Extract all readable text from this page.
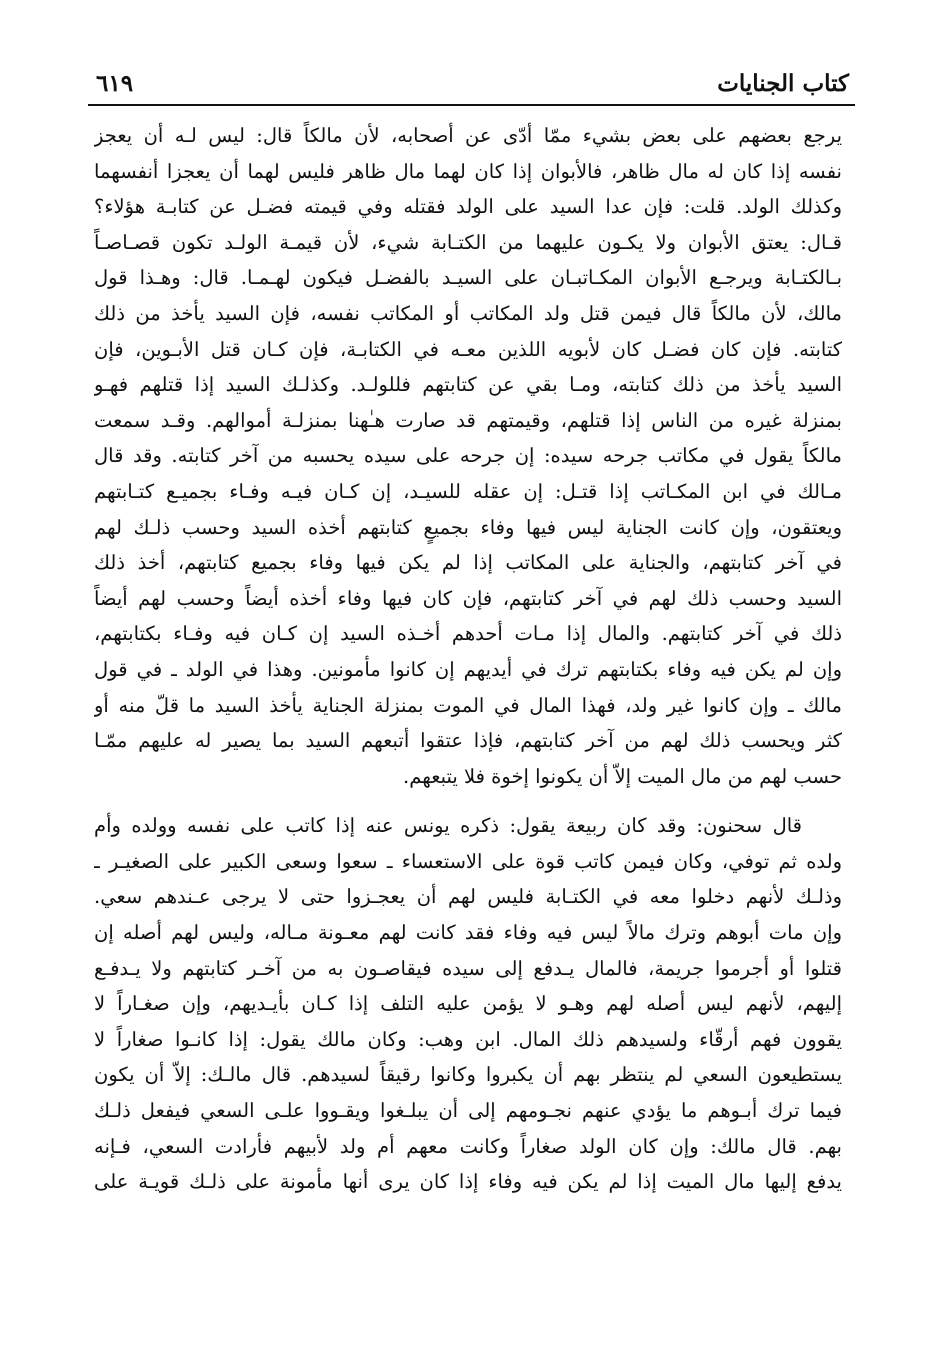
كتاب الجنايات
٦١٩
يرجع بعضهم على بعض بشيء ممّا أدّى عن أصحابه، لأن مالكاً قال: ليس لـه أن يعجز
نفسه إذا كان له مال ظاهر، فالأبوان إذا كان لهما مال ظاهر فليس لهما أن يعجزا أنفسهما
وكذلك الولد. قلت: فإن عدا السيد على الولد فقتله وفي قيمته فضـل عن كتابـة هؤلاء؟
قـال: يعتق الأبوان ولا يكـون عليهما من الكتـابة شيء، لأن قيمـة الولـد تكون قصـاصـاً
بـالكتـابة ويرجـع الأبوان المكـاتبـان على السيـد بالفضـل فيكون لهـمـا. قال: وهـذا قول
مالك، لأن مالكاً قال فيمن قتل ولد المكاتب أو المكاتب نفسه، فإن السيد يأخذ من ذلك
كتابته. فإن كان فضـل كان لأبويه اللذين معـه في الكتابـة، فإن كـان قتل الأبـوين، فإن
السيد يأخذ من ذلك كتابته، ومـا بقي عن كتابتهم فللولـد. وكذلـك السيد إذا قتلهم فهـو
بمنزلة غيره من الناس إذا قتلهم، وقيمتهم قد صارت هـٰهنا بمنزلـة أموالهم. وقـد سمعت
مالكاً يقول في مكاتب جرحه سيده: إن جرحه على سيده يحسبه من آخر كتابته. وقد قال
مـالك في ابن المكـاتب إذا قتـل: إن عقله للسيـد، إن كـان فيـه وفـاء بجميـع كتـابتهم
ويعتقون، وإن كانت الجناية ليس فيها وفاء بجميعٍ كتابتهم أخذه السيد وحسب ذلـك لهم
في آخر كتابتهم، والجناية على المكاتب إذا لم يكن فيها وفاء بجميع كتابتهم، أخذ ذلك
السيد وحسب ذلك لهم في آخر كتابتهم، فإن كان فيها وفاء أخذه أيضاً وحسب لهم أيضاً
ذلك في آخر كتابتهم. والمال إذا مـات أحدهم أخـذه السيد إن كـان فيه وفـاء بكتابتهم،
وإن لم يكن فيه وفاء بكتابتهم ترك في أيديهم إن كانوا مأمونين. وهذا في الولد ـ في قول
مالك ـ وإن كانوا غير ولد، فهذا المال في الموت بمنزلة الجناية يأخذ السيد ما قلّ منه أو
كثر ويحسب ذلك لهم من آخر كتابتهم، فإذا عتقوا أتبعهم السيد بما يصير له عليهم ممّـا
حسب لهم من مال الميت إلاّ أن يكونوا إخوة فلا يتبعهم.
قال سحنون: وقد كان ربيعة يقول: ذكره يونس عنه إذا كاتب على نفسه وولده وأم
ولده ثم توفي، وكان فيمن كاتب قوة على الاستعساء ـ سعوا وسعى الكبير على الصغيـر ـ
وذلـك لأنهم دخلوا معه في الكتـابة فليس لهم أن يعجـزوا حتى لا يرجى عـندهم سعي.
وإن مات أبوهم وترك مالاً ليس فيه وفاء فقد كانت لهم معـونة مـاله، وليس لهم أصله إن
قتلوا أو أجرموا جريمة، فالمال يـدفع إلى سيده فيقاصـون به من آخـر كتابتهم ولا يـدفـع
إليهم، لأنهم ليس أصله لهم وهـو لا يؤمن عليه التلف إذا كـان بأيـديهم، وإن صغـاراً لا
يقوون فهم أرقّاء ولسيدهم ذلك المال. ابن وهب: وكان مالك يقول: إذا كانـوا صغاراً لا
يستطيعون السعي لم ينتظر بهم أن يكبروا وكانوا رقيقاً لسيدهم. قال مالـك: إلاّ أن يكون
فيما ترك أبـوهم ما يؤدي عنهم نجـومهم إلى أن يبلـغوا ويقـووا علـى السعي فيفعل ذلـك
بهم. قال مالك: وإن كان الولد صغاراً وكانت معهم أم ولد لأبيهم فأرادت السعي، فـإنه
يدفع إليها مال الميت إذا لم يكن فيه وفاء إذا كان يرى أنها مأمونة على ذلـك قويـة على
